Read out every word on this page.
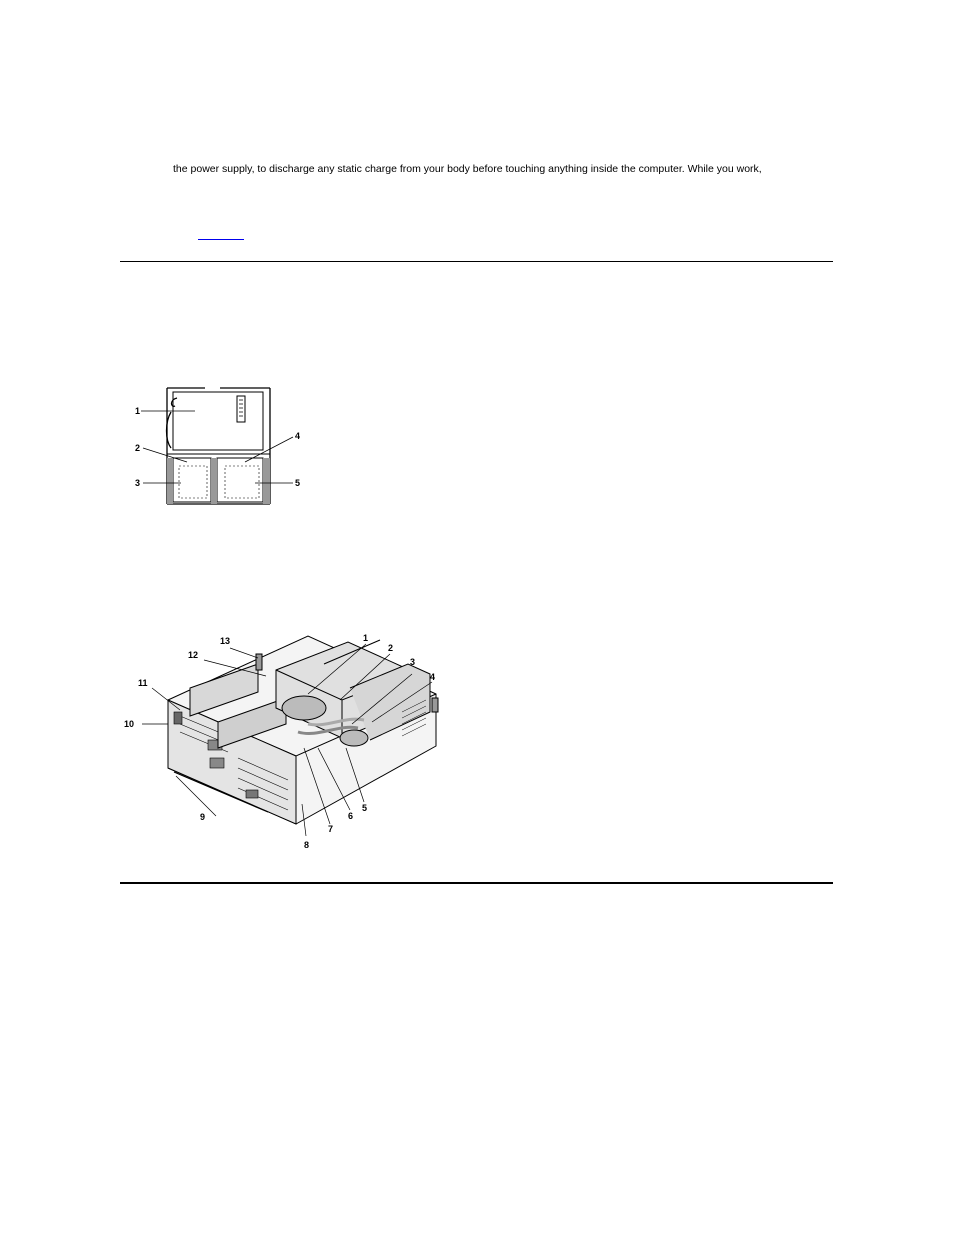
the power supply, to discharge any static charge from your body before touching anything inside the computer. While you work,
1
2
3
4
5
1
2
3
4
5
6
7
8
9
10
11
12
13
